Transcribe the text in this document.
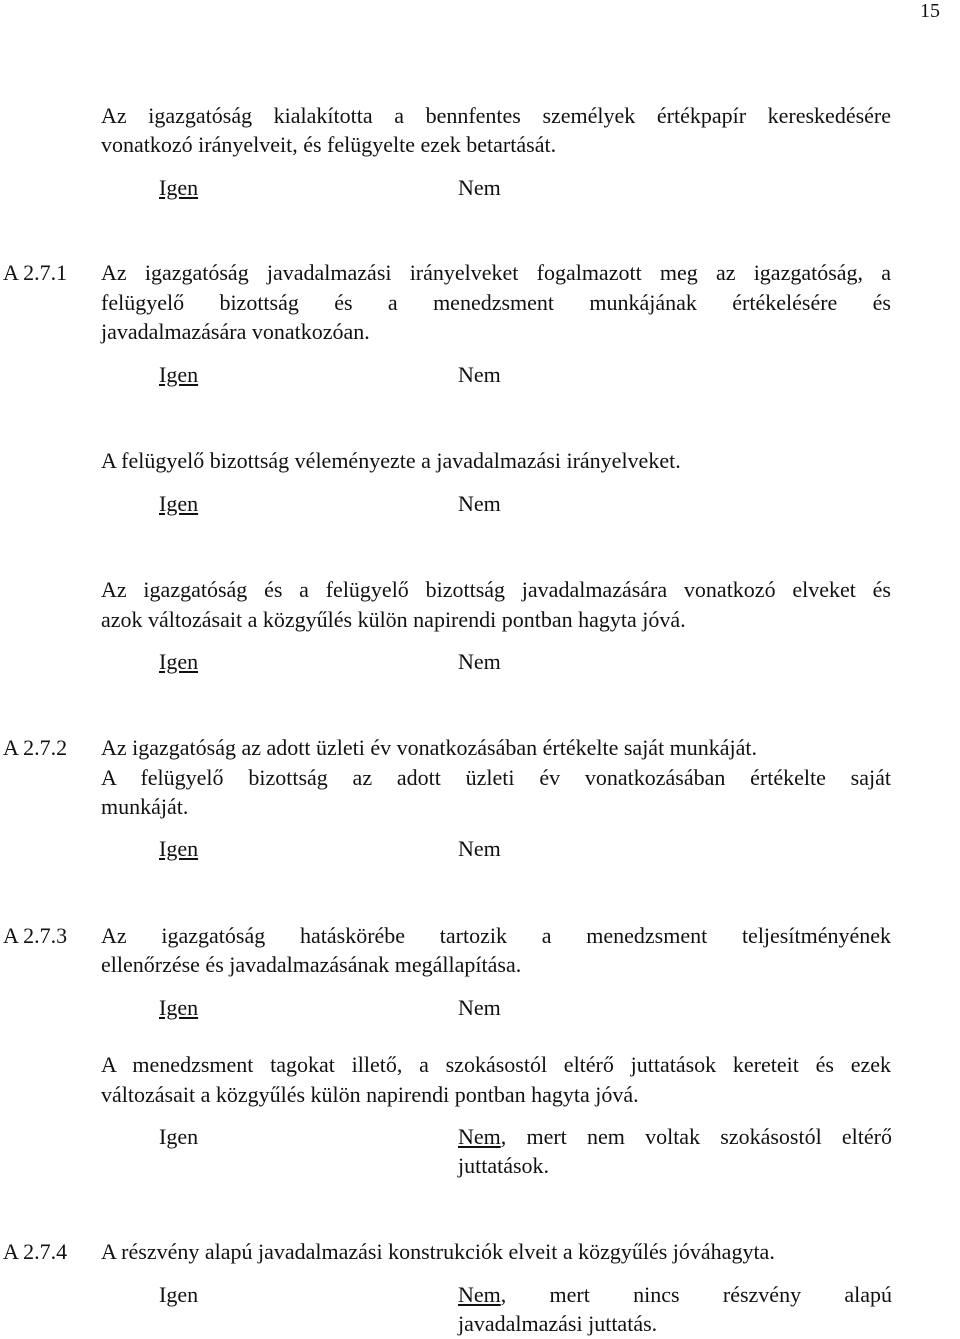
15
Az igazgatóság kialakította a bennfentes személyek értékpapír kereskedésére
vonatkozó irányelveit, és felügyelte ezek betartását.
Igen	Nem
A 2.7.1 Az igazgatóság javadalmazási irányelveket fogalmazott meg az igazgatóság, a
felügyelő bizottság és a menedzsment munkájának értékelésére és
javadalmazására vonatkozóan.
Igen	Nem
A felügyelő bizottság véleményezte a javadalmazási irányelveket.
Igen	Nem
Az igazgatóság és a felügyelő bizottság javadalmazására vonatkozó elveket és
azok változásait a közgyűlés külön napirendi pontban hagyta jóvá.
Igen	Nem
A 2.7.2 Az igazgatóság az adott üzleti év vonatkozásában értékelte saját munkáját.
A felügyelő bizottság az adott üzleti év vonatkozásában értékelte saját
munkáját.
Igen	Nem
A 2.7.3 Az igazgatóság hatáskörébe tartozik a menedzsment teljesítményének
ellenőrzése és javadalmazásának megállapítása.
Igen	Nem
A menedzsment tagokat illető, a szokásostól eltérő juttatások kereteit és ezek
változásait a közgyűlés külön napirendi pontban hagyta jóvá.
Igen	Nem, mert nem voltak szokásostól eltérő
juttatások.
A 2.7.4 A részvény alapú javadalmazási konstrukciók elveit a közgyűlés jóváhagyta.
Igen	Nem, mert nincs részvény alapú
javadalmazási juttatás.
